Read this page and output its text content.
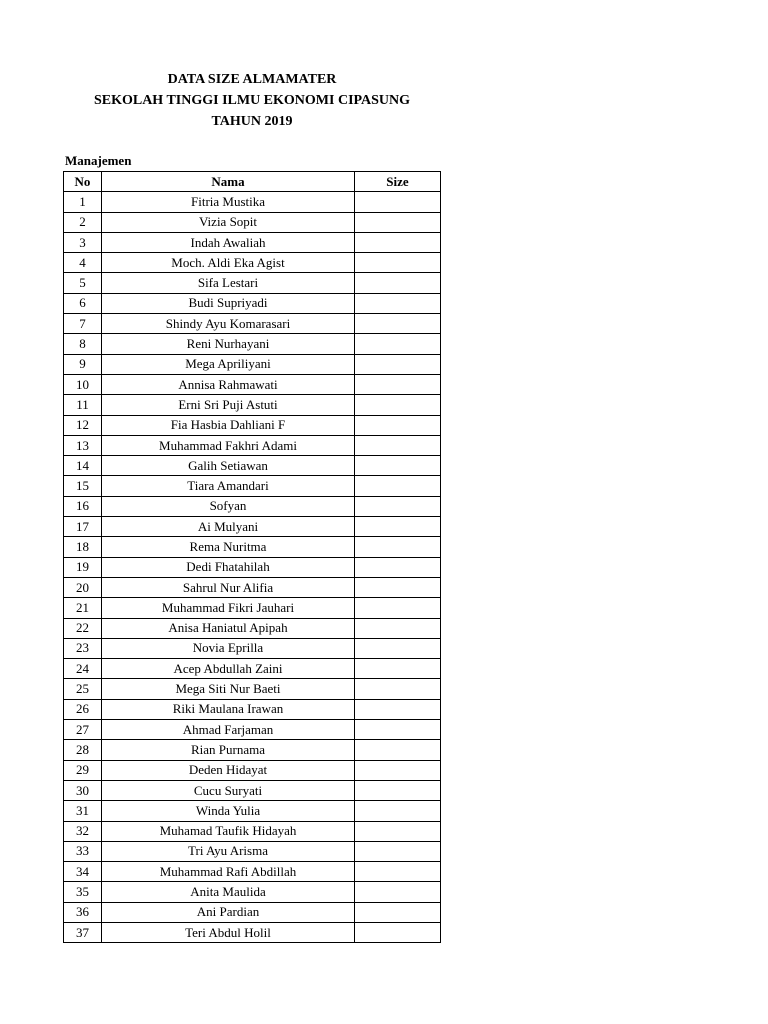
DATA SIZE ALMAMATER
SEKOLAH TINGGI ILMU EKONOMI CIPASUNG
TAHUN 2019
Manajemen
No	Nama	Size
1	Fitria Mustika	
2	Vizia Sopit	
3	Indah Awaliah	
4	Moch. Aldi Eka Agist	
5	Sifa Lestari	
6	Budi Supriyadi	
7	Shindy Ayu Komarasari	
8	Reni Nurhayani	
9	Mega Apriliyani	
10	Annisa Rahmawati	
11	Erni Sri Puji Astuti	
12	Fia Hasbia Dahliani F	
13	Muhammad Fakhri Adami	
14	Galih Setiawan	
15	Tiara Amandari	
16	Sofyan	
17	Ai Mulyani	
18	Rema Nuritma	
19	Dedi Fhatahilah	
20	Sahrul Nur Alifia	
21	Muhammad Fikri Jauhari	
22	Anisa Haniatul Apipah	
23	Novia Eprilla	
24	Acep Abdullah Zaini	
25	Mega Siti Nur Baeti	
26	Riki Maulana Irawan	
27	Ahmad Farjaman	
28	Rian Purnama	
29	Deden Hidayat	
30	Cucu Suryati	
31	Winda Yulia	
32	Muhamad Taufik Hidayah	
33	Tri Ayu Arisma	
34	Muhammad Rafi Abdillah	
35	Anita Maulida	
36	Ani Pardian	
37	Teri Abdul Holil	
